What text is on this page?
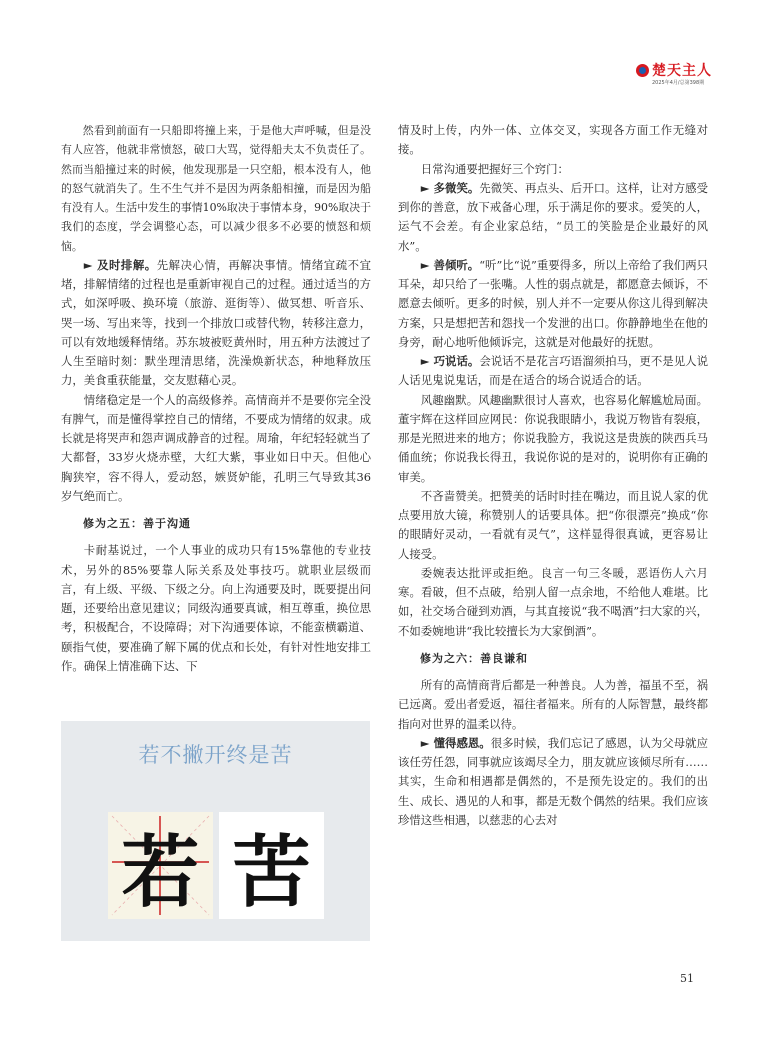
楚天主人
2025年4月/总第398期

然看到前面有一只船即将撞上来，于是他大声呼喊，但是没有人应答，他就非常愤怒，破口大骂，觉得船夫太不负责任了。然而当船撞过来的时候，他发现那是一只空船，根本没有人，他的怒气就消失了。生不生气并不是因为两条船相撞，而是因为船有没有人。生活中发生的事情10%取决于事情本身，90%取决于我们的态度，学会调整心态，可以减少很多不必要的愤怒和烦恼。

► 及时排解。先解决心情，再解决事情。情绪宜疏不宜堵，排解情绪的过程也是重新审视自己的过程。通过适当的方式，如深呼吸、换环境（旅游、逛街等）、做冥想、听音乐、哭一场、写出来等，找到一个排放口或替代物，转移注意力，可以有效地缓释情绪。苏东坡被贬黄州时，用五种方法渡过了人生至暗时刻：默坐理清思绪，洗澡焕新状态，种地释放压力，美食重获能量，交友慰藉心灵。

情绪稳定是一个人的高级修养。高情商并不是要你完全没有脾气，而是懂得掌控自己的情绪，不要成为情绪的奴隶。成长就是将哭声和怨声调成静音的过程。周瑜，年纪轻轻就当了大都督，33岁火烧赤壁，大红大紫，事业如日中天。但他心胸狭窄，容不得人，爱动怒，嫉贤妒能，孔明三气导致其36岁气绝而亡。

修为之五：善于沟通

卡耐基说过，一个人事业的成功只有15%靠他的专业技术，另外的85%要靠人际关系及处事技巧。就职业层级而言，有上级、平级、下级之分。向上沟通要及时，既要提出问题，还要给出意见建议；同级沟通要真诚，相互尊重，换位思考，积极配合，不设障碍；对下沟通要体谅，不能蛮横霸道、颐指气使，要准确了解下属的优点和长处，有针对性地安排工作。确保上情准确下达、下

情及时上传，内外一体、立体交叉，实现各方面工作无缝对接。

日常沟通要把握好三个窍门：

► 多微笑。先微笑、再点头、后开口。这样，让对方感受到你的善意，放下戒备心理，乐于满足你的要求。爱笑的人，运气不会差。有企业家总结，“员工的笑脸是企业最好的风水”。

► 善倾听。“听”比“说”重要得多，所以上帝给了我们两只耳朵，却只给了一张嘴。人性的弱点就是，都愿意去倾诉，不愿意去倾听。更多的时候，别人并不一定要从你这儿得到解决方案，只是想把苦和怨找一个发泄的出口。你静静地坐在他的身旁，耐心地听他倾诉完，这就是对他最好的抚慰。

► 巧说话。会说话不是花言巧语溜须拍马，更不是见人说人话见鬼说鬼话，而是在适合的场合说适合的话。

风趣幽默。风趣幽默很讨人喜欢，也容易化解尴尬局面。董宇辉在这样回应网民：你说我眼睛小，我说万物皆有裂痕，那是光照进来的地方；你说我脸方，我说这是贵族的陕西兵马俑血统；你说我长得丑，我说你说的是对的，说明你有正确的审美。

不吝啬赞美。把赞美的话时时挂在嘴边，而且说人家的优点要用放大镜，称赞别人的话要具体。把“你很漂亮”换成“你的眼睛好灵动，一看就有灵气”，这样显得很真诚，更容易让人接受。

委婉表达批评或拒绝。良言一句三冬暖，恶语伤人六月寒。看破，但不点破，给别人留一点余地，不给他人难堪。比如，社交场合碰到劝酒，与其直接说“我不喝酒”扫大家的兴，不如委婉地讲“我比较擅长为大家倒酒”。

修为之六：善良谦和

所有的高情商背后都是一种善良。人为善，福虽不至，祸已远离。爱出者爱返，福往者福来。所有的人际智慧，最终都指向对世界的温柔以待。

► 懂得感恩。很多时候，我们忘记了感恩，认为父母就应该任劳任怨，同事就应该竭尽全力，朋友就应该倾尽所有……其实，生命和相遇都是偶然的，不是预先设定的。我们的出生、成长、遇见的人和事，都是无数个偶然的结果。我们应该珍惜这些相遇，以慈悲的心去对

若不撇开终是苦
若 苦
51
